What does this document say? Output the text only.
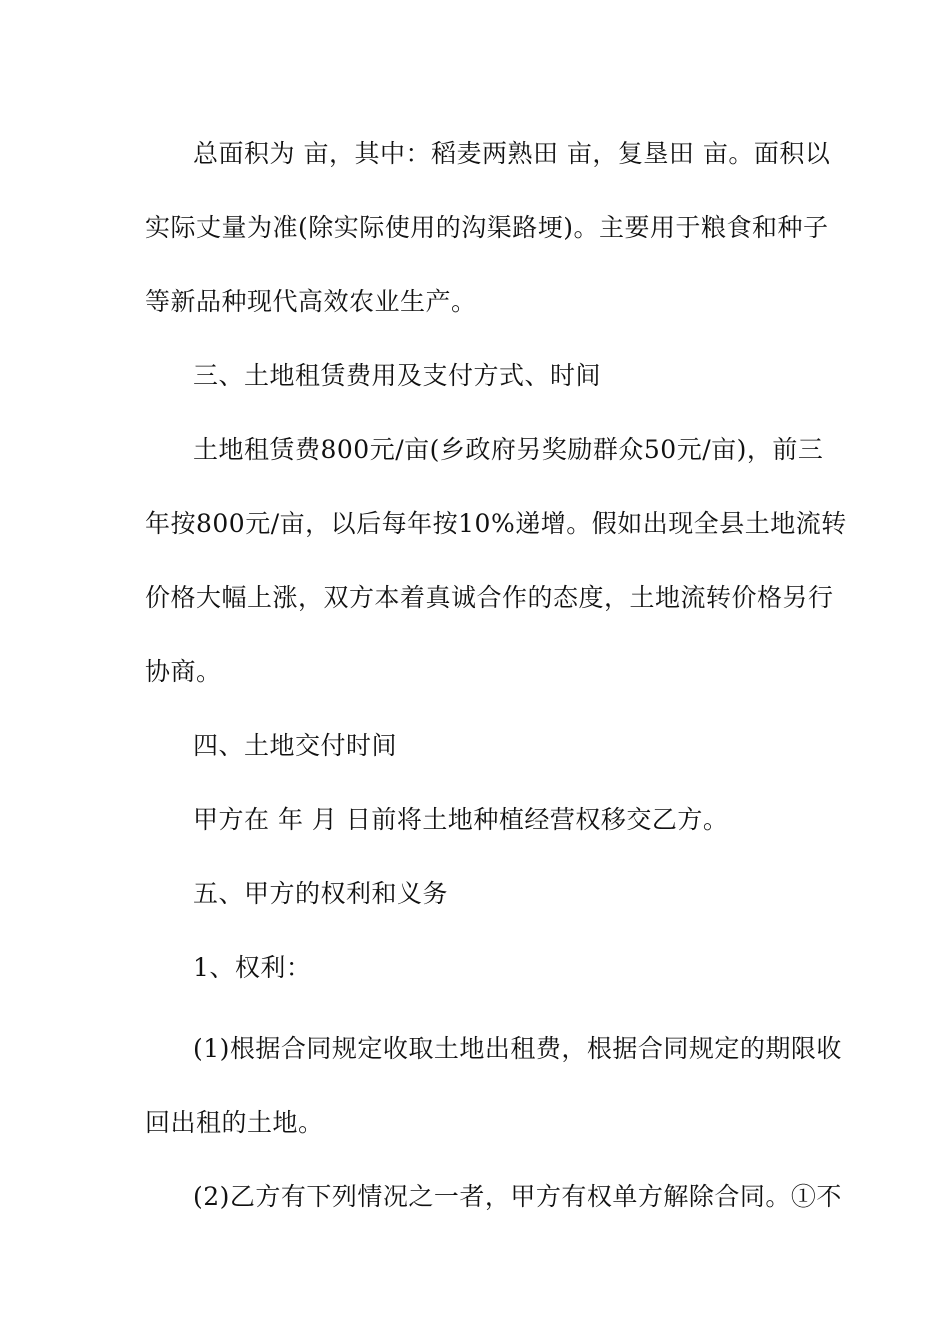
总面积为 亩，其中：稻麦两熟田 亩，复垦田 亩。面积以
实际丈量为准(除实际使用的沟渠路埂)。主要用于粮食和种子
等新品种现代高效农业生产。
三、土地租赁费用及支付方式、时间
土地租赁费800元/亩(乡政府另奖励群众50元/亩)，前三
年按800元/亩，以后每年按10%递增。假如出现全县土地流转
价格大幅上涨，双方本着真诚合作的态度，土地流转价格另行
协商。
四、土地交付时间
甲方在 年 月 日前将土地种植经营权移交乙方。
五、甲方的权利和义务
1、权利：
(1)根据合同规定收取土地出租费，根据合同规定的期限收
回出租的土地。
(2)乙方有下列情况之一者，甲方有权单方解除合同。①不
